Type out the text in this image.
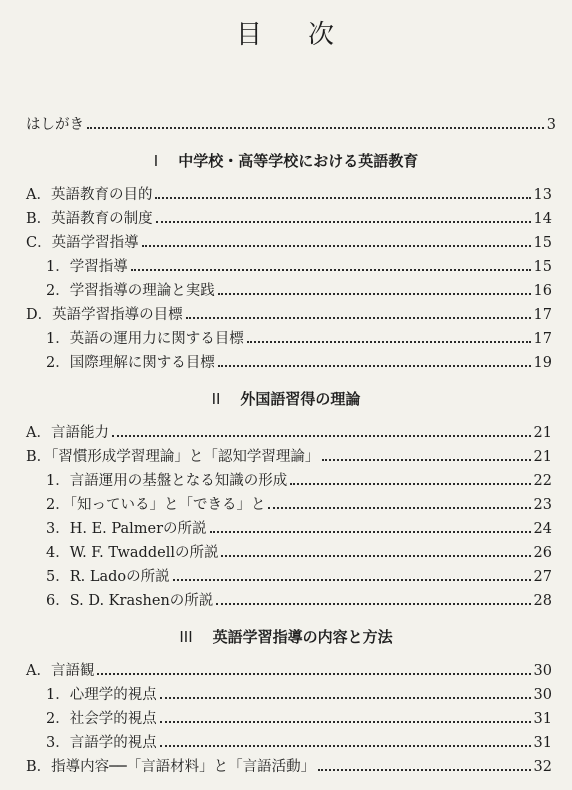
目 次
はしがき	3
I 中学校・高等学校における英語教育
A．英語教育の目的	13
B．英語教育の制度	14
C．英語学習指導	15
1．学習指導	15
2．学習指導の理論と実践	16
D．英語学習指導の目標	17
1．英語の運用力に関する目標	17
2．国際理解に関する目標	19
II 外国語習得の理論
A．言語能力	21
B．「習慣形成学習理論」と「認知学習理論」	21
1．言語運用の基盤となる知識の形成	22
2．「知っている」と「できる」と	23
3．H. E. Palmerの所説	24
4．W. F. Twaddellの所説	26
5．R. Ladoの所説	27
6．S. D. Krashenの所説	28
III 英語学習指導の内容と方法
A．言語観	30
1．心理学的視点	30
2．社会学的視点	31
3．言語学的視点	31
B．指導内容──「言語材料」と「言語活動」	32
